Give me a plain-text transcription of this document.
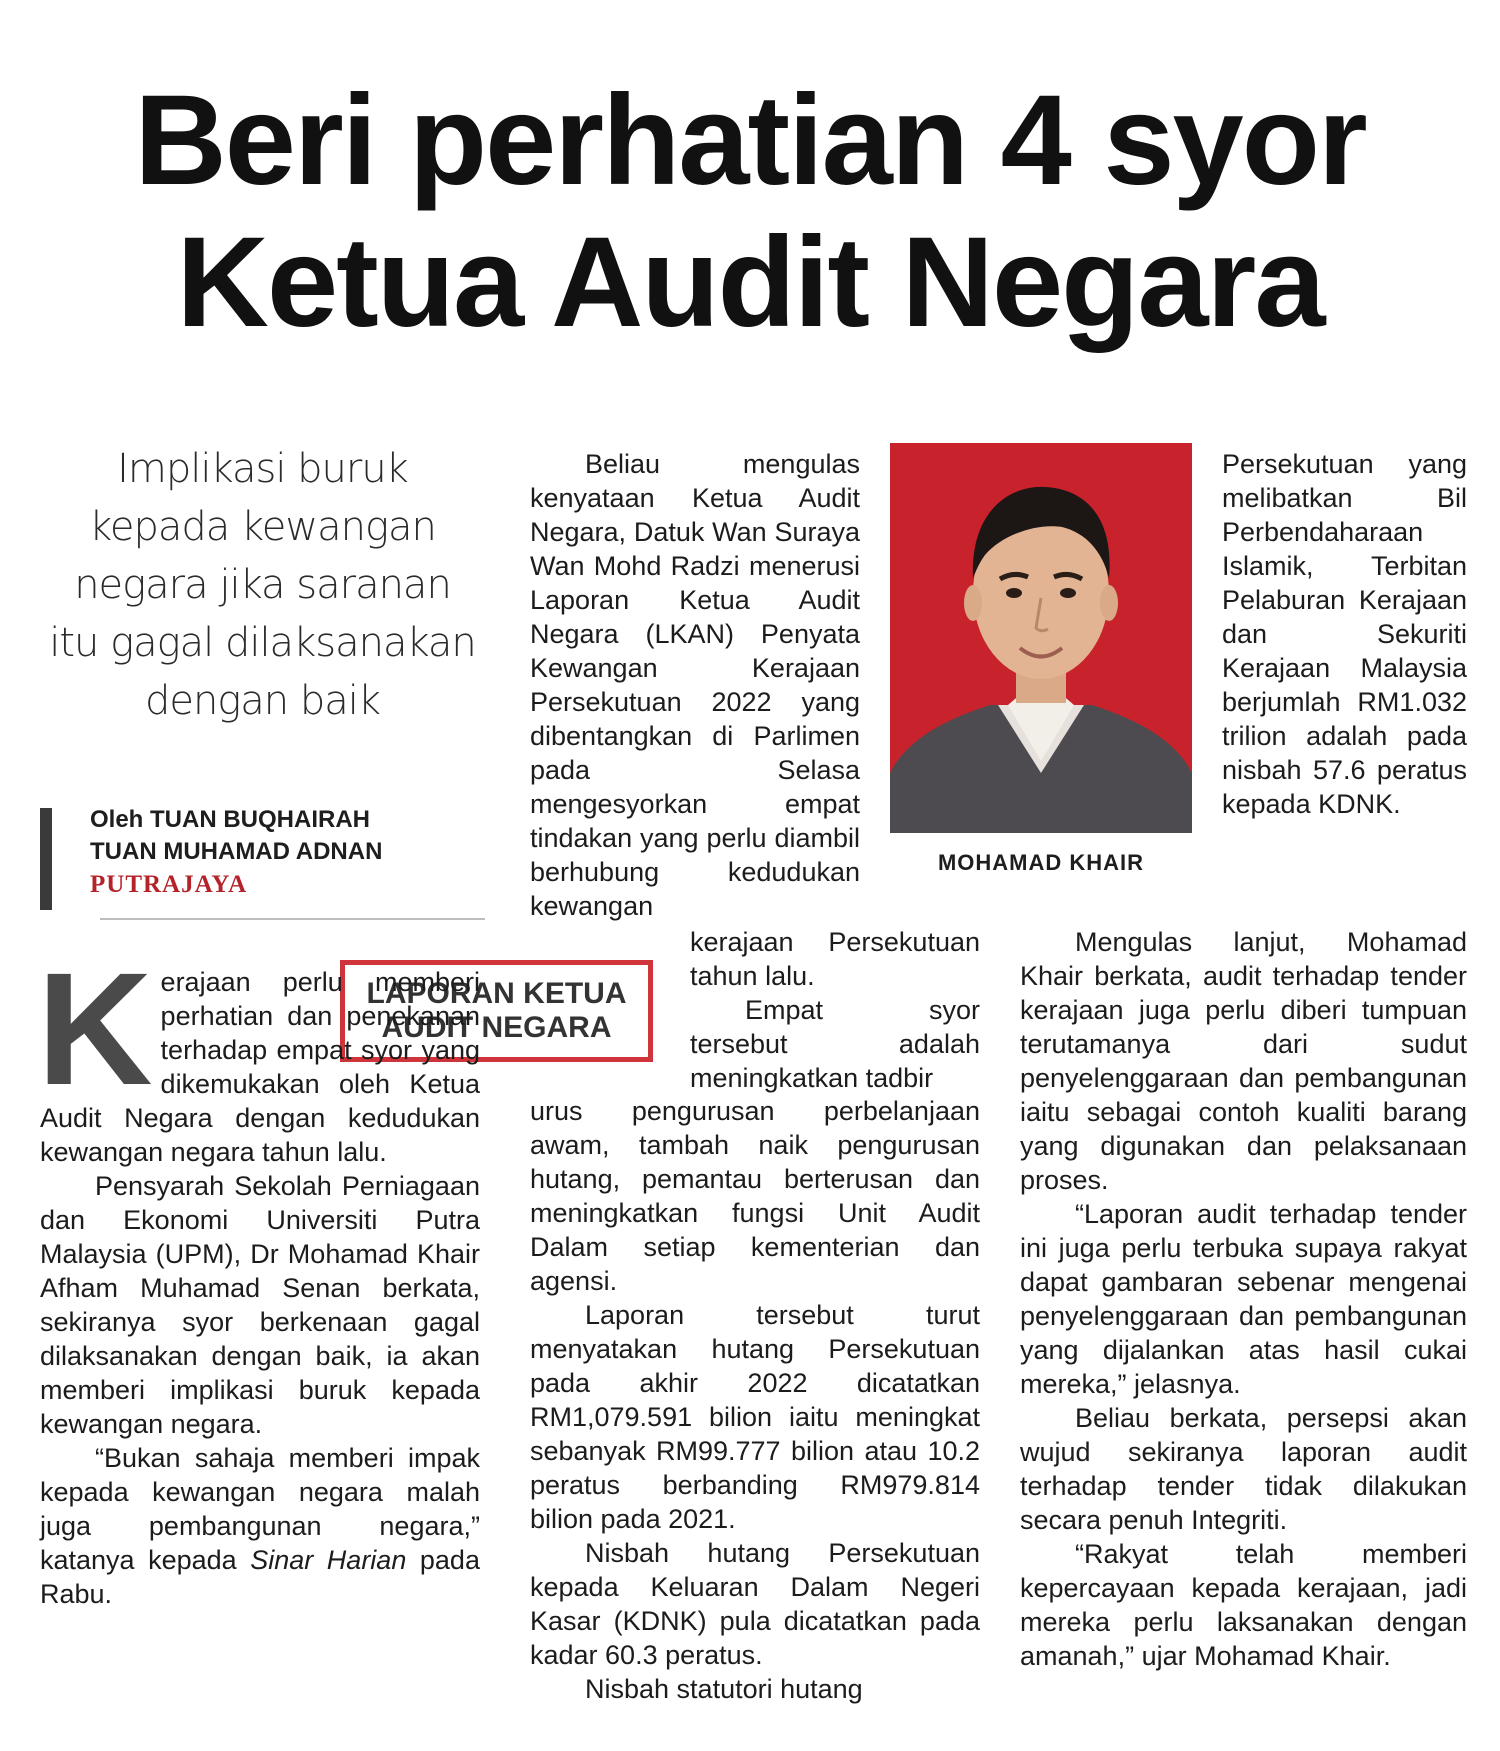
Beri perhatian 4 syor
Ketua Audit Negara
Implikasi buruk
kepada kewangan
negara jika saranan
itu gagal dilaksanakan
dengan baik
Oleh TUAN BUQHAIRAH
TUAN MUHAMAD ADNAN
PUTRAJAYA
MOHAMAD KHAIR

Beliau mengulas kenyataan Ketua Audit Negara, Datuk Wan Suraya Wan Mohd Radzi menerusi Laporan Ketua Audit Negara (LKAN) Penyata Kewangan Kerajaan Persekutuan 2022 yang dibentangkan di Parlimen pada Selasa mengesyorkan empat tindakan yang perlu diambil berhubung kedudukan kewangan

Persekutuan yang melibatkan Bil Perbendaharaan Islamik, Terbitan Pelaburan Kerajaan dan Sekuriti Kerajaan Malaysia berjumlah RM1.032 trilion adalah pada nisbah 57.6 peratus kepada KDNK.

LAPORAN KETUA
AUDIT NEGARA

Kerajaan perlu memberi perhatian dan penekanan terhadap empat syor yang dikemukakan oleh Ketua Audit Negara dengan kedudukan kewangan negara tahun lalu.

Pensyarah Sekolah Perniagaan dan Ekonomi Universiti Putra Malaysia (UPM), Dr Mohamad Khair Afham Muhamad Senan berkata, sekiranya syor berkenaan gagal dilaksanakan dengan baik, ia akan memberi implikasi buruk kepada kewangan negara.

“Bukan sahaja memberi impak kepada kewangan negara malah juga pembangunan negara,” katanya kepada Sinar Harian pada Rabu.

kerajaan Persekutuan tahun lalu.

Empat syor tersebut adalah meningkatkan tadbir

urus pengurusan perbelanjaan awam, tambah naik pengurusan hutang, pemantau berterusan dan meningkatkan fungsi Unit Audit Dalam setiap kementerian dan agensi.

Laporan tersebut turut menyatakan hutang Persekutuan pada akhir 2022 dicatatkan RM1,079.591 bilion iaitu meningkat sebanyak RM99.777 bilion atau 10.2 peratus berbanding RM979.814 bilion pada 2021.

Nisbah hutang Persekutuan kepada Keluaran Dalam Negeri Kasar (KDNK) pula dicatatkan pada kadar 60.3 peratus.

Nisbah statutori hutang

Mengulas lanjut, Mohamad Khair berkata, audit terhadap tender kerajaan juga perlu diberi tumpuan terutamanya dari sudut penyelenggaraan dan pembangunan iaitu sebagai contoh kualiti barang yang digunakan dan pelaksanaan proses.

“Laporan audit terhadap tender ini juga perlu terbuka supaya rakyat dapat gambaran sebenar mengenai penyelenggaraan dan pembangunan yang dijalankan atas hasil cukai mereka,” jelasnya.

Beliau berkata, persepsi akan wujud sekiranya laporan audit terhadap tender tidak dilakukan secara penuh Integriti.

“Rakyat telah memberi kepercayaan kepada kerajaan, jadi mereka perlu laksanakan dengan amanah,” ujar Mohamad Khair.
